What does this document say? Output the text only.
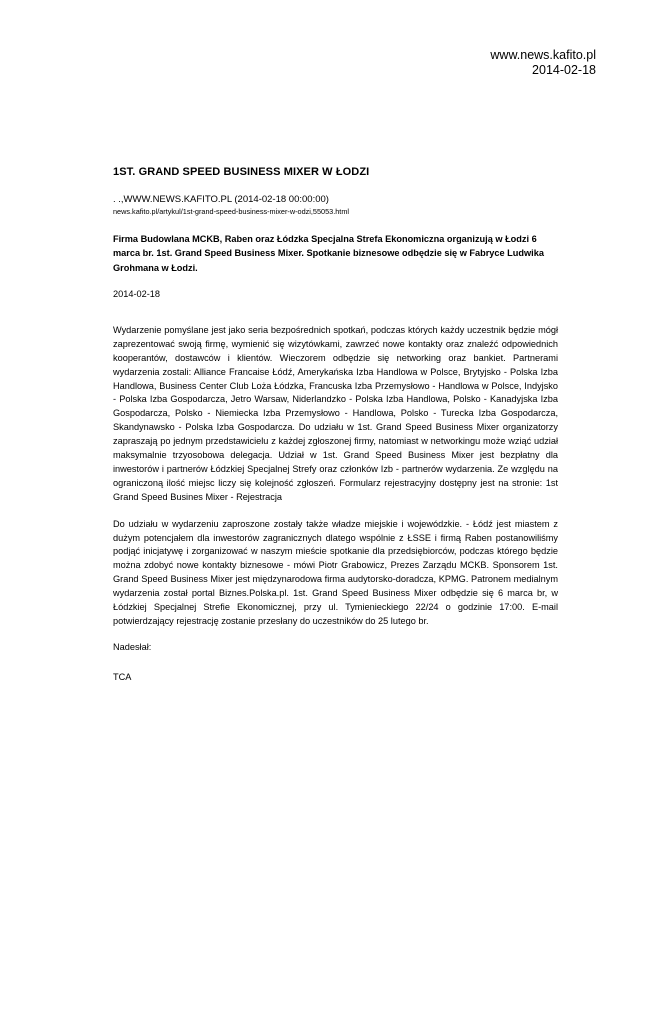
www.news.kafito.pl
2014-02-18
1ST. GRAND SPEED BUSINESS MIXER W ŁODZI

. .,WWW.NEWS.KAFITO.PL (2014-02-18 00:00:00)

news.kafito.pl/artykul/1st-grand-speed-business-mixer-w-odzi,55053.html

Firma Budowlana MCKB, Raben oraz Łódzka Specjalna Strefa Ekonomiczna organizują w Łodzi 6 marca br. 1st. Grand Speed Business Mixer. Spotkanie biznesowe odbędzie się w Fabryce Ludwika Grohmana w Łodzi.

2014-02-18

Wydarzenie pomyślane jest jako seria bezpośrednich spotkań, podczas których każdy uczestnik będzie mógł zaprezentować swoją firmę, wymienić się wizytówkami, zawrzeć nowe kontakty oraz znaleźć odpowiednich kooperantów, dostawców i klientów. Wieczorem odbędzie się networking oraz bankiet. Partnerami wydarzenia zostali: Alliance Francaise Łódź, Amerykańska Izba Handlowa w Polsce, Brytyjsko - Polska Izba Handlowa, Business Center Club Loża Łódzka, Francuska Izba Przemysłowo - Handlowa w Polsce, Indyjsko - Polska Izba Gospodarcza, Jetro Warsaw, Niderlandzko - Polska Izba Handlowa, Polsko - Kanadyjska Izba Gospodarcza, Polsko - Niemiecka Izba Przemysłowo - Handlowa, Polsko - Turecka Izba Gospodarcza, Skandynawsko - Polska Izba Gospodarcza. Do udziału w 1st. Grand Speed Business Mixer organizatorzy zapraszają po jednym przedstawicielu z każdej zgłoszonej firmy, natomiast w networkingu może wziąć udział maksymalnie trzyosobowa delegacja. Udział w 1st. Grand Speed Business Mixer jest bezpłatny dla inwestorów i partnerów Łódzkiej Specjalnej Strefy oraz członków Izb - partnerów wydarzenia. Ze względu na ograniczoną ilość miejsc liczy się kolejność zgłoszeń. Formularz rejestracyjny dostępny jest na stronie: 1st Grand Speed Busines Mixer - Rejestracja

Do udziału w wydarzeniu zaproszone zostały także władze miejskie i wojewódzkie. - Łódź jest miastem z dużym potencjałem dla inwestorów zagranicznych dlatego wspólnie z ŁSSE i firmą Raben postanowiliśmy podjąć inicjatywę i zorganizować w naszym mieście spotkanie dla przedsiębiorców, podczas którego będzie można zdobyć nowe kontakty biznesowe - mówi Piotr Grabowicz, Prezes Zarządu MCKB. Sponsorem 1st. Grand Speed Business Mixer jest międzynarodowa firma audytorsko-doradcza, KPMG. Patronem medialnym wydarzenia został portal Biznes.Polska.pl. 1st. Grand Speed Business Mixer odbędzie się 6 marca br, w Łódzkiej Specjalnej Strefie Ekonomicznej, przy ul. Tymienieckiego 22/24 o godzinie 17:00. E-mail potwierdzający rejestrację zostanie przesłany do uczestników do 25 lutego br.

Nadesłał:

TCA
